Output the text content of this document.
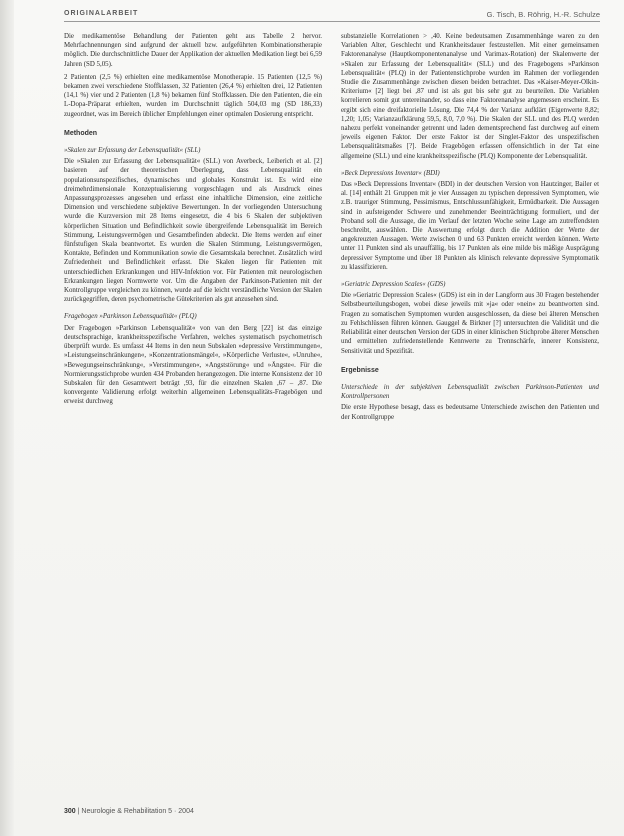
ORIGINALARBEIT	G. Tisch, B. Röhrig, H.-R. Schulze

Die medikamentöse Behandlung der Patienten geht aus Tabelle 2 hervor. Mehrfachnennungen sind aufgrund der aktuell bzw. aufgeführten Kombinationstherapie möglich. Die durchschnittliche Dauer der Applikation der aktuellen Medikation liegt bei 6,59 Jahren (SD 5,05).

2 Patienten (2,5 %) erhielten eine medikamentöse Monotherapie. 15 Patienten (12,5 %) bekamen zwei verschiedene Stoffklassen, 32 Patienten (26,4 %) erhielten drei, 12 Patienten (14,1 %) vier und 2 Patienten (1,8 %) bekamen fünf Stoffklassen. Die den Patienten, die ein L-Dopa-Präparat erhielten, wurden im Durchschnitt täglich 504,03 mg (SD 186,33) zugeordnet, was im Bereich üblicher Empfehlungen einer optimalen Dosierung entspricht.

Methoden
»Skalen zur Erfassung der Lebensqualität« (SLL)

Die »Skalen zur Erfassung der Lebensqualität« (SLL) von Averbeck, Leiberich et al. [2] basieren auf der theoretischen Überlegung, dass Lebensqualität ein populationsunspezifisches, dynamisches und globales Konstrukt ist. Es wird eine dreimehrdimensionale Konzeptualisierung vorgeschlagen und als Ausdruck eines Anpassungsprozesses angesehen und erfasst eine inhaltliche Dimension, eine zeitliche Dimension und verschiedene subjektive Bewertungen. In der vorliegenden Untersuchung wurde die Kurzversion mit 28 Items eingesetzt, die 4 bis 6 Skalen der subjektiven körperlichen Situation und Befindlichkeit sowie übergreifende Lebensqualität im Bereich Stimmung, Leistungsvermögen und Gesamtbefinden abdeckt. Die Items werden auf einer fünfstufigen Skala beantwortet. Es wurden die Skalen Stimmung, Leistungsvermögen, Kontakte, Befinden und Kommunikation sowie die Gesamtskala berechnet. Zusätzlich wird Zufriedenheit und Befindlichkeit erfasst. Die Skalen liegen für Patienten mit unterschiedlichen Erkrankungen und HIV-Infektion vor. Für Patienten mit neurologischen Erkrankungen liegen Normwerte vor. Um die Angaben der Parkinson-Patienten mit der Kontrollgruppe vergleichen zu können, wurde auf die leicht verständliche Version der Skalen zurückgegriffen, deren psychometrische Gütekriterien als gut anzusehen sind.

Fragebogen »Parkinson Lebensqualität« (PLQ)

Der Fragebogen »Parkinson Lebensqualität« von van den Berg [22] ist das einzige deutschsprachige, krankheitsspezifische Verfahren, welches systematisch psychometrisch überprüft wurde. Es umfasst 44 Items in den neun Subskalen »depressive Verstimmungen«, »Leistungseinschränkungen«, »Konzentrationsmängel«, »Körperliche Verluste«, »Unruhe«, »Bewegungseinschränkung«, »Verstimmungen«, »Angststörung« und »Ängste«. Für die Normierungsstichprobe wurden 434 Probanden herangezogen. Die interne Konsistenz der 10 Subskalen für den Gesamtwert beträgt ,93, für die einzelnen Skalen ,67 – ,87. Die konvergente Validierung erfolgt weiterhin allgemeinen Lebensqualitäts-Fragebögen und erweist durchweg

substanzielle Korrelationen > ,40. Keine bedeutsamen Zusammenhänge waren zu den Variablen Alter, Geschlecht und Krankheitsdauer festzustellen. Mit einer gemeinsamen Faktorenanalyse (Hauptkomponentenanalyse und Varimax-Rotation) der Skalenwerte der »Skalen zur Erfassung der Lebensqualität« (SLL) und des Fragebogens »Parkinson Lebensqualität« (PLQ) in der Patientenstichprobe wurden im Rahmen der vorliegenden Studie die Zusammenhänge zwischen diesen beiden betrachtet. Das »Kaiser-Meyer-Olkin-Kriterium« [2] liegt bei ,87 und ist als gut bis sehr gut zu beurteilen. Die Variablen korrelieren somit gut untereinander, so dass eine Faktorenanalyse angemessen erscheint. Es ergibt sich eine dreifaktorielle Lösung. Die 74,4 % der Varianz aufklärt (Eigenwerte 8,82; 1,20; 1,05; Varianzaufklärung 59,5, 8,0, 7,0 %). Die Skalen der SLL und des PLQ werden nahezu perfekt voneinander getrennt und laden dementsprechend fast durchweg auf einem jeweils eigenen Faktor. Der erste Faktor ist der Singlet-Faktor des unspezifischen Lebensqualitätsmaßes [?]. Beide Fragebögen erfassen offensichtlich in der Tat eine allgemeine (SLL) und eine krankheitsspezifische (PLQ) Komponente der Lebensqualität.

»Beck Depressions Inventar« (BDI)

Das »Beck Depressions Inventar« (BDI) in der deutschen Version von Hautzinger, Bailer et al. [14] enthält 21 Gruppen mit je vier Aussagen zu typischen depressiven Symptomen, wie z.B. trauriger Stimmung, Pessimismus, Entschlussunfähigkeit, Ermüdbarkeit. Die Aussagen sind in aufsteigender Schwere und zunehmender Beeinträchtigung formuliert, und der Proband soll die Aussage, die im Verlauf der letzten Woche seine Lage am zutreffendsten beschreibt, auswählen. Die Auswertung erfolgt durch die Addition der Werte der angekreuzten Aussagen. Werte zwischen 0 und 63 Punkten erreicht werden können. Werte unter 11 Punkten sind als unauffällig, bis 17 Punkten als eine milde bis mäßige Ausprägung depressiver Symptome und über 18 Punkten als klinisch relevante depressive Symptomatik zu klassifizieren.

»Geriatric Depression Scales« (GDS)

Die »Geriatric Depression Scales« (GDS) ist ein in der Langform aus 30 Fragen bestehender Selbstbeurteilungsbogen, wobei diese jeweils mit »ja« oder »nein« zu beantworten sind. Fragen zu somatischen Symptomen wurden ausgeschlossen, da diese bei älteren Menschen zu Fehlschlüssen führen können. Gauggel & Birkner [?] untersuchten die Validität und die Reliabilität einer deutschen Version der GDS in einer klinischen Stichprobe älterer Menschen und ermittelten zufriedenstellende Kennwerte zu Trennschärfe, innerer Konsistenz, Sensitivität und Spezifität.

Ergebnisse
Unterschiede in der subjektiven Lebensqualität zwischen Parkinson-Patienten und Kontrollpersonen

Die erste Hypothese besagt, dass es bedeutsame Unterschiede zwischen den Patienten und der Kontrollgruppe

300 | Neurologie & Rehabilitation 5 · 2004
